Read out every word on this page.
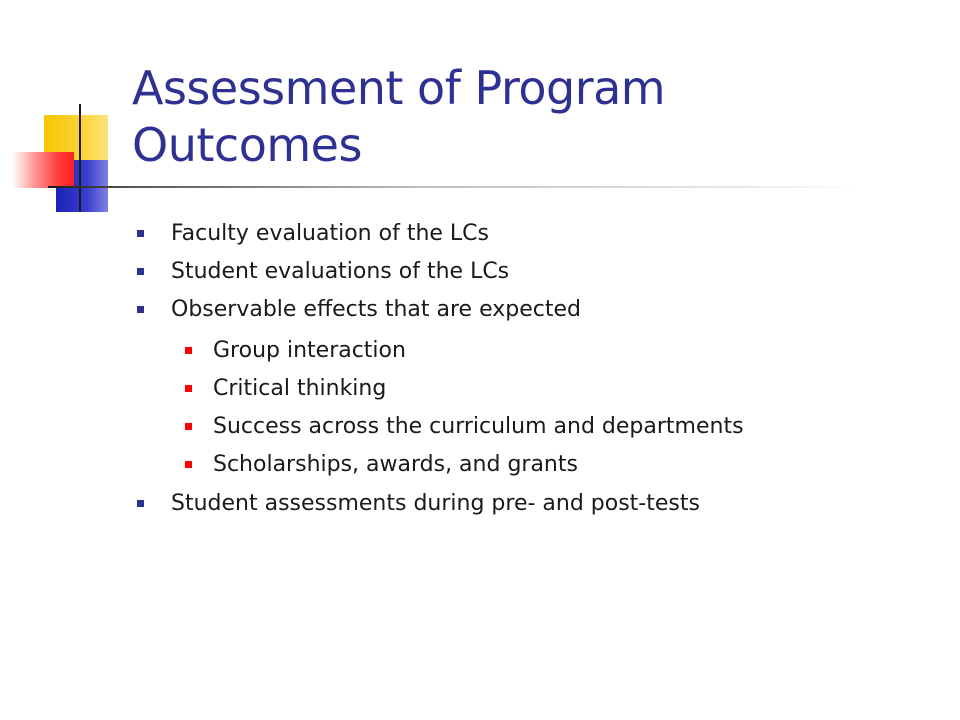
Assessment of Program
Outcomes
Faculty evaluation of the LCs
Student evaluations of the LCs
Observable effects that are expected
Group interaction
Critical thinking
Success across the curriculum and departments
Scholarships, awards, and grants
Student assessments during pre- and post-tests
